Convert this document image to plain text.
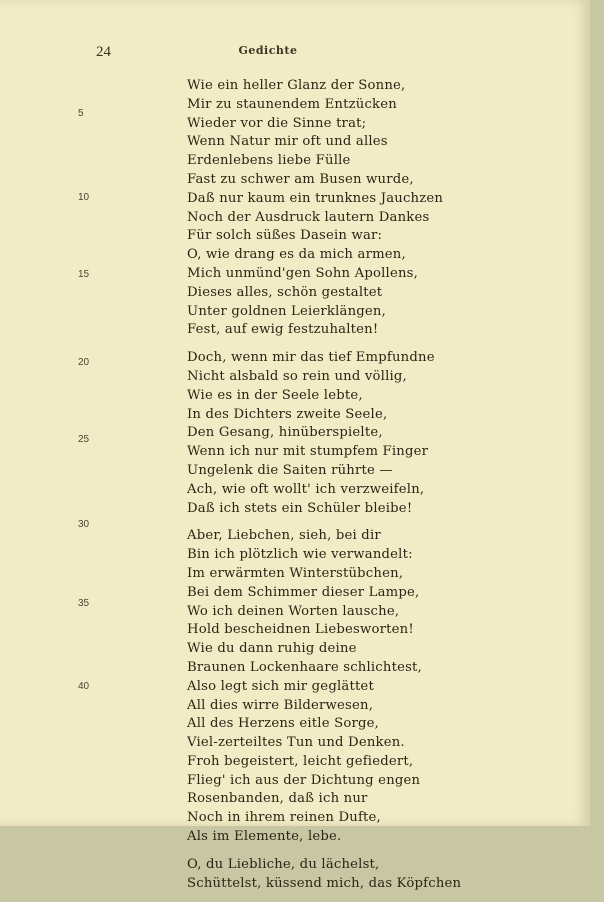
24	Gedichte
5
10
15
20
25
30
35
40
Wie ein heller Glanz der Sonne,
Mir zu staunendem Entzücken
Wieder vor die Sinne trat;
Wenn Natur mir oft und alles
Erdenlebens liebe Fülle
Fast zu schwer am Busen wurde,
Daß nur kaum ein trunknes Jauchzen
Noch der Ausdruck lautern Dankes
Für solch süßes Dasein war:
O, wie drang es da mich armen,
Mich unmünd'gen Sohn Apollens,
Dieses alles, schön gestaltet
Unter goldnen Leierklängen,
Fest, auf ewig festzuhalten!
Doch, wenn mir das tief Empfundne
Nicht alsbald so rein und völlig,
Wie es in der Seele lebte,
In des Dichters zweite Seele,
Den Gesang, hinüberspielte,
Wenn ich nur mit stumpfem Finger
Ungelenk die Saiten rührte —
Ach, wie oft wollt' ich verzweifeln,
Daß ich stets ein Schüler bleibe!
Aber, Liebchen, sieh, bei dir
Bin ich plötzlich wie verwandelt:
Im erwärmten Winterstübchen,
Bei dem Schimmer dieser Lampe,
Wo ich deinen Worten lausche,
Hold bescheidnen Liebesworten!
Wie du dann ruhig deine
Braunen Lockenhaare schlichtest,
Also legt sich mir geglättet
All dies wirre Bilderwesen,
All des Herzens eitle Sorge,
Viel-zerteiltes Tun und Denken.
Froh begeistert, leicht gefiedert,
Flieg' ich aus der Dichtung engen
Rosenbanden, daß ich nur
Noch in ihrem reinen Dufte,
Als im Elemente, lebe.
O, du Liebliche, du lächelst,
Schüttelst, küssend mich, das Köpfchen
